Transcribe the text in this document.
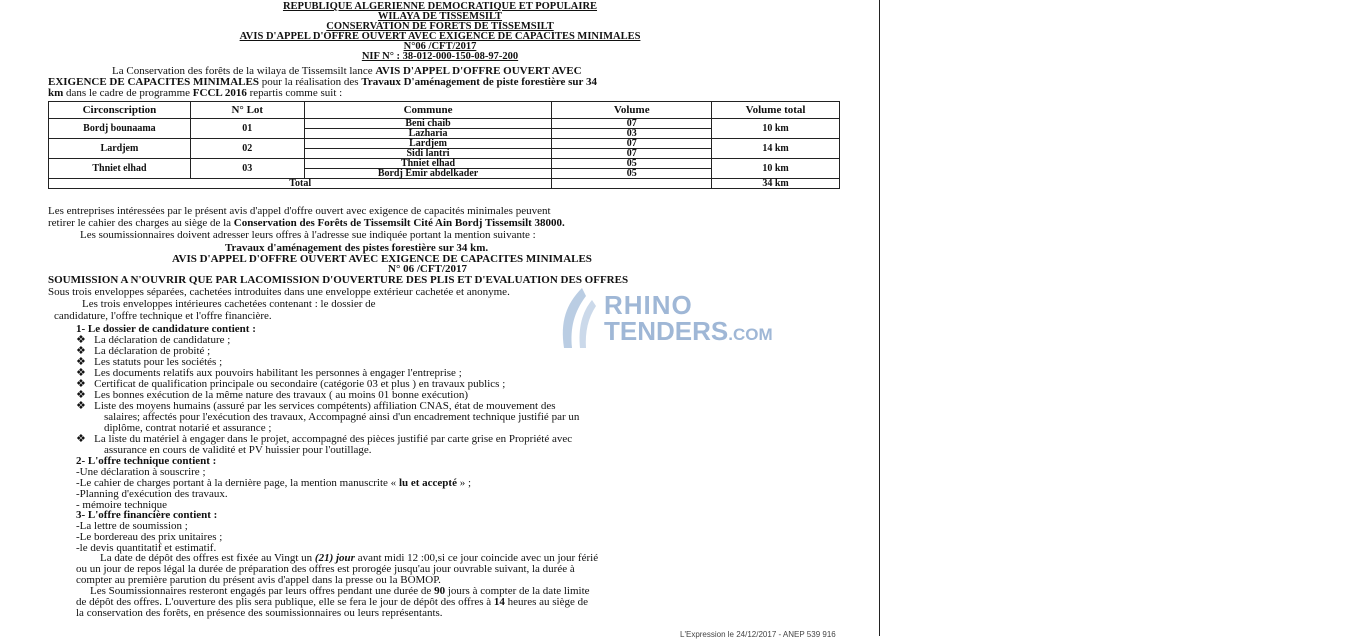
REPUBLIQUE ALGERIENNE DEMOCRATIQUE ET POPULAIRE
WILAYA DE TISSEMSILT
CONSERVATION DE FORETS DE TISSEMSILT
AVIS D'APPEL D'OFFRE OUVERT AVEC EXIGENCE DE CAPACITES MINIMALES
N°06 /CFT/2017
NIF N° : 38-012-000-150-08-97-200
La Conservation des forêts de la wilaya de Tissemsilt lance AVIS D'APPEL D'OFFRE OUVERT AVEC
EXIGENCE DE CAPACITES MINIMALES pour la réalisation des Travaux D'aménagement de piste forestière sur 34
km dans le cadre de programme FCCL 2016 repartis comme suit :
Circonscription	N° Lot	Commune	Volume	Volume total
Bordj bounaama	01	Beni chaib	07	10 km
		Lazharia	03	
Lardjem	02	Lardjem	07	14 km
		Sidi lantri	07	
Thniet elhad	03	Thniet elhad	05	10 km
		Bordj Emir abdelkader	05	
Total				34 km
Les entreprises intéressées par le présent avis d'appel d'offre ouvert avec exigence de capacités minimales peuvent
retirer le cahier des charges au siège de la Conservation des Forêts de Tissemsilt Cité Ain Bordj Tissemsilt 38000.
Les soumissionnaires doivent adresser leurs offres à l'adresse sue indiquée portant la mention suivante :
Travaux d'aménagement des pistes forestière sur 34 km.
AVIS D'APPEL D'OFFRE OUVERT AVEC EXIGENCE DE CAPACITES MINIMALES
N° 06 /CFT/2017
SOUMISSION A N'OUVRIR QUE PAR LACOMISSION D'OUVERTURE DES PLIS ET D'EVALUATION DES OFFRES
Sous trois enveloppes séparées, cachetées introduites dans une enveloppe extérieur cachetée et anonyme.
Les trois enveloppes intérieures cachetées contenant : le dossier de
candidature, l'offre technique et l'offre financière.
1- Le dossier de candidature contient :
❖ La déclaration de candidature ;
❖ La déclaration de probité ;
❖ Les statuts pour les sociétés ;
❖ Les documents relatifs aux pouvoirs habilitant les personnes à engager l'entreprise ;
❖ Certificat de qualification principale ou secondaire (catégorie 03 et plus ) en travaux publics ;
❖ Les bonnes exécution de la même nature des travaux ( au moins 01 bonne exécution)
❖ Liste des moyens humains (assuré par les services compétents) affiliation CNAS, état de mouvement des
salaires; affectés pour l'exécution des travaux, Accompagné ainsi d'un encadrement technique justifié par un
diplôme, contrat notarié et assurance ;
❖ La liste du matériel à engager dans le projet, accompagné des pièces justifié par carte grise en Propriété avec
assurance en cours de validité et PV huissier pour l'outillage.
2- L'offre technique contient :
-Une déclaration à souscrire ;
-Le cahier de charges portant à la dernière page, la mention manuscrite « lu et accepté » ;
-Planning d'exécution des travaux.
- mémoire technique
3- L'offre financière contient :
-La lettre de soumission ;
-Le bordereau des prix unitaires ;
-le devis quantitatif et estimatif.
La date de dépôt des offres est fixée au Vingt un (21) jour avant midi 12 :00,si ce jour coincide avec un jour férié
ou un jour de repos légal la durée de préparation des offres est prorogée jusqu'au jour ouvrable suivant, la durée à
compter au première parution du présent avis d'appel dans la presse ou la BOMOP.
Les Soumissionnaires resteront engagés par leurs offres pendant une durée de 90 jours à compter de la date limite
de dépôt des offres. L'ouverture des plis sera publique, elle se fera le jour de dépôt des offres à 14 heures au siège de
la conservation des forêts, en présence des soumissionnaires ou leurs représentants.
RHINO
TENDERS.COM
L'Expression le 24/12/2017 - ANEP 539 916
